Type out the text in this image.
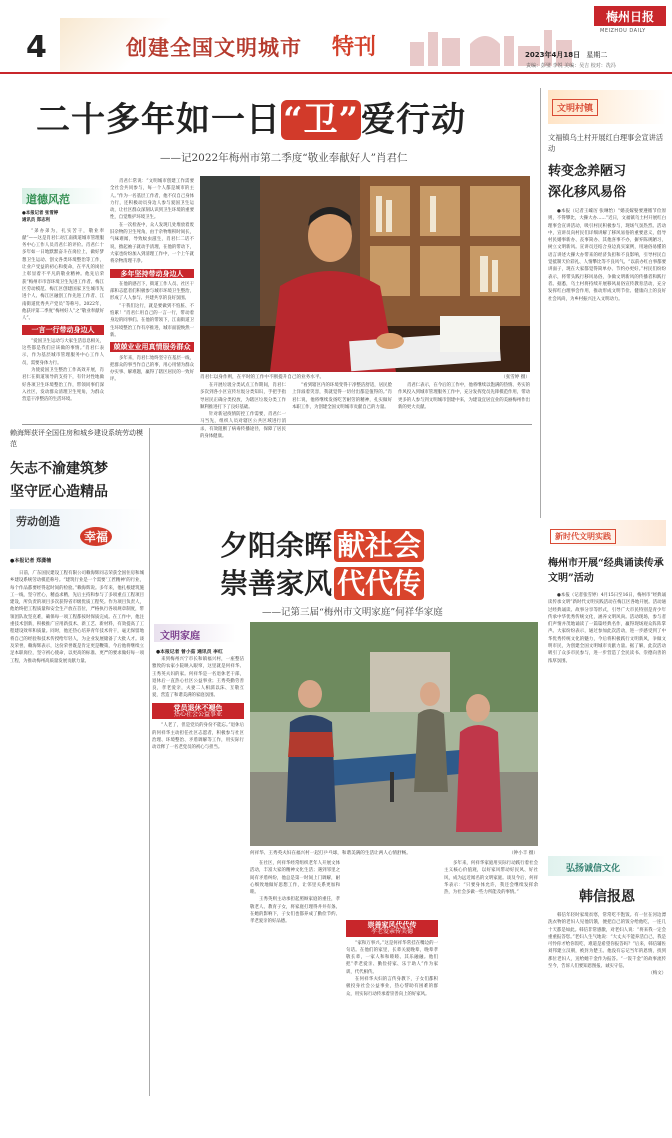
4	创建全国文明城市 特刊
梅州日报
MEIZHOU DAILY
2023年4月18日 星期二
责编：彭璧 李锐 美编：吴吉 校对：冼冯
二十多年如一日“卫”爱行动
——记2022年梅州市第二季度“敬业奉献好人”肖君仁
道德风范
●本报记者 张雪婷
通讯员 郑志利

“弟办弟为，扎实苦干，敬业奉献”——这是肖君仁对江南街道城市管理服务中心工作人员肖君仁的评价。肖君仁十多年如一日地默默奋斗在岗位上，做好梦想卫生运动、创文各类环境整治等工作，让业户受益的初心和使命，在平凡的岗位上彰显着不平凡的敬业精神。他先后荣获“梅州市市容环境卫生先进工作者、梅江区劳动模范、梅江区创建国家卫生城市先进个人、梅江区融创工作先进工作者、江南街道优秀共产党员”等称号。2022年，他获评第二季度“梅州好人”之“敬业奉献好人”。

一言一行带动身边人

“爱国卫生运动与大家生活息息相关，这些都是我们应该做的事情。”肖君仁表示，作为基层城市管理服务中心工作人员，需要身体力行。

为使爱国卫生整治工作高效开展，肖君仁在街道领导的支持下，有针对性地做好各项卫生环境整治工作，带领同事们深入社区，发动群众清理卫生死角，为群众营造干净整洁的生活环境。

肖君仁常说：“文明城市创建工作需要全社会共同参与，每一个人都是城市的主人。”作为一名基层工作者，他不仅自己身体力行，还积极动员身边人参与爱国卫生运动，让社区群众深刻认识到卫生环境的重要性，自觉维护环境卫生。

在一次检查中，众人发现几处堆放着废旧杂物的卫生死角，由于杂物堆积时间长，气味难闻，导致蚊虫滋生，肖君仁二话不说，撸起袖子就动手清理，在他的带动下，大家也纷纷加入到清理工作中，一个上午就将杂物清理干净。

多年坚持带动身边人

在他的感召下，街道工作人员、社区干部和志愿者们积极参与城市环境卫生整治，形成了人人参与、共建共享的良好氛围。

“干我们这行，就是要做到不怕脏、不怕累！”肖君仁用自己的一言一行，带动着身边的同事们。在他的带领下，江南街道卫生环境整治工作有序推进，城市面貌焕然一新。

兢兢业业用真情服务群众

多年来，肖君仁始终坚守在基层一线，把群众的事当作自己的事，用心用情为群众办实事、解难题，赢得了辖区居民的一致好评。	肖君仁以身作则，在平时的工作中不断提升自己的业务水平。	（张雪婷 摄）

在开展垃圾分类试点工作期间，肖君仁多次到各小区宣传垃圾分类知识，手把手指导居民正确分类投放，为辖区垃圾分类工作顺利推进打下了良好基础。

针对新冠疫情防控工作需要，肖君仁一马当先，组织人员对辖区公共区域进行消杀，有效阻断了病毒传播途径，保障了居民的身体健康。

“看到辖区内的环境变得干净整洁舒适，居民脸上洋溢着笑容，我就觉得一切付出都是值得的。”肖君仁说，他将继续发扬吃苦耐劳的精神，扎实做好本职工作，为创建全国文明城市贡献自己的力量。

肖君仁表示，在今后的工作中，他将继续以饱满的热情、务实的作风投入到城市管理服务工作中，充分发挥党员先锋模范作用，带动更多的人参与到文明城市创建中来，为建设宜居宜业的美丽梅州作出新的更大贡献。

文明村镇
文福镇乌土村开展红白理事会宣讲活动
转变念养陋习
深化移风易俗
●本报（记者王嵘厉 张琳怡）“婚丧嫁娶要遵循节俭原则，不得攀比，大操大办……”近日，文福镇乌土村开展红白理事会宣讲活动，吸引村民积极参与，现场气氛热烈。活动中，宣讲员向村民们详细讲解了移风易俗的重要意义，倡导村民婚事新办、丧事简办、其他喜事不办，摒弃陈规陋习，树立文明新风。宣讲员还结合身边真实案例，用通俗易懂的语言讲述大操大办带来的经济负担和不良影响，引导村民自觉抵制天价彩礼、人情攀比等不良风气。“以前办红白事都要讲面子，现在大家都觉得简单办、节约办更好。”村民们纷纷表示，将带头践行移风易俗，争做文明新风的传播者和践行者。据悉，乌土村将持续开展移风易俗宣传教育活动，充分发挥红白理事会作用，推动形成文明节俭、健康向上的良好社会风尚，为乡村振兴注入文明动力。
赖海辉获评全国住房和城乡建设系统劳动模范
矢志不渝建筑梦
坚守匠心造精品
劳动创造
幸福
●本报记者 郑潇楠
日前，广东国民建设工程有限公司赖海辉同志荣获全国住房和城乡建设系统劳动模范称号。“建筑行业是一个需要‘工匠精神’的行业，每个作品都要经得起时间的检验。”赖海辉说。多年来，他扎根建筑施工一线，坚守匠心，精益求精，先后主持和参与了多项重点工程项目建设，所负责的项目多次获得省市级优质工程奖。作为项目负责人，他始终把工程质量和安全生产放在首位，严格执行各项规章制度，带领团队攻坚克难，确保每一项工程都按时保质完成。在工作中，他注重技术创新，积极推广应用新技术、新工艺、新材料，有效提高了工程建设效率和质量。同时，他还热心培养青年技术骨干，毫无保留地将自己的经验和技术传授给年轻人，为企业发展储备了大批人才。谈及荣誉，赖海辉表示，这份荣誉既是肯定更是鞭策，今后他将继续立足本职岗位，坚守初心使命，以更高的标准、更严的要求做好每一项工程，为推动梅州高质量发展贡献力量。
夕阳余晖 献社会
崇善家风 代代传
——记第三届“梅州市文明家庭”何祥华家庭
文明家庭
●本报记者 曾小茹 通讯员 李红

来到梅州兴宁市长和镇福兴村，一座整洁雅致的农家小院映入眼帘，这里就是何祥华、王秀英夫妇的家。何祥华是一名退休老干部，退休后一直热心社区公益事业；王秀英勤劳善良，孝老爱亲，夫妻二人相濡以沫、互敬互爱，营造了和谐美满的家庭氛围。

党员退休不褪色
热心社会公益事业

“人老了，但是党员的身份不能忘。”退休后的何祥华主动担任社区志愿者，积极参与社区治理、环境整治、矛盾调解等工作，用实际行动诠释了一名老党员的初心与担当。

何祥华、王秀英夫妇在福兴村一起打乒乓球，和谐美满的生活让两人心情舒畅。	（钟小丰 摄）

在社区，何祥华经常组织老年人开展文体活动，丰富大家的精神文化生活；遇到邻里之间有矛盾纠纷，他总是第一时间上门调解，耐心细致地做好思想工作，让邻里关系更加和睦。

王秀英则主动承担起照顾家庭的重任，孝敬老人、教育子女，将家庭打理得井井有条。在她的影响下，子女们也都养成了勤俭节约、孝老爱亲的好品德。	崇善家风代代传
孝老爱亲传美德

“家和万事兴。”这是何祥华常挂在嘴边的一句话。在他们的家里，长辈关爱晚辈，晚辈孝敬长辈，一家人和和睦睦、其乐融融。他们把“孝老爱亲、勤俭持家、乐于助人”作为家训，代代相传。

在何祥华夫妇的言传身教下，子女们都积极投身社会公益事业，热心帮助有困难的群众，用实际行动传承着崇善向上的好家风。

多年来，何祥华家庭用实际行动践行着社会主义核心价值观，以好家风带动好民风、好社风，成为远近闻名的文明家庭。谈及今后，何祥华表示：“只要身体允许，我还会继续发挥余热，为社会多做一些力所能及的事情。”

新时代文明实践
梅州市开展“经典诵读传承文明”活动
●本报（记者张雪婷）4月15日至16日，梅州市“经典诵读传承文明”新时代文明实践活动在梅江区各地开展。活动通过经典诵读、故事分享等形式，引导广大市民特别是青少年传承中华优秀传统文化，涵养文明风尚。活动现场，参与者们声情并茂地诵读了一篇篇经典名作，赢得现场观众阵阵掌声。大家纷纷表示，通过参加此次活动，进一步感受到了中华优秀传统文化的魅力，今后将积极践行文明新风，争做文明市民，为创建全国文明城市贡献力量。据了解，此次活动吸引了众多市民参与，进一步营造了全民读书、崇德向善的浓厚氛围。
弘扬诚信文化
韩信报恩

韩信年轻时家境贫寒，常常吃不饱饭。有一位在河边漂洗衣物的老妇人见他饥饿，便把自己的饭分给他吃，一连几十天都是如此。韩信非常感激，对老妇人说：“将来我一定会重重报答您。”老妇人生气地说：“大丈夫不能养活自己，我是可怜你才给你饭吃，难道是希望你报答吗？”后来，韩信辅佐刘邦建立汉朝，被封为楚王。他没有忘记当年的恩情，找到那位老妇人，送给她千金作为报答。“一饭千金”的故事流传至今，告诉人们要知恩图报、诚实守信。

（梅文）
